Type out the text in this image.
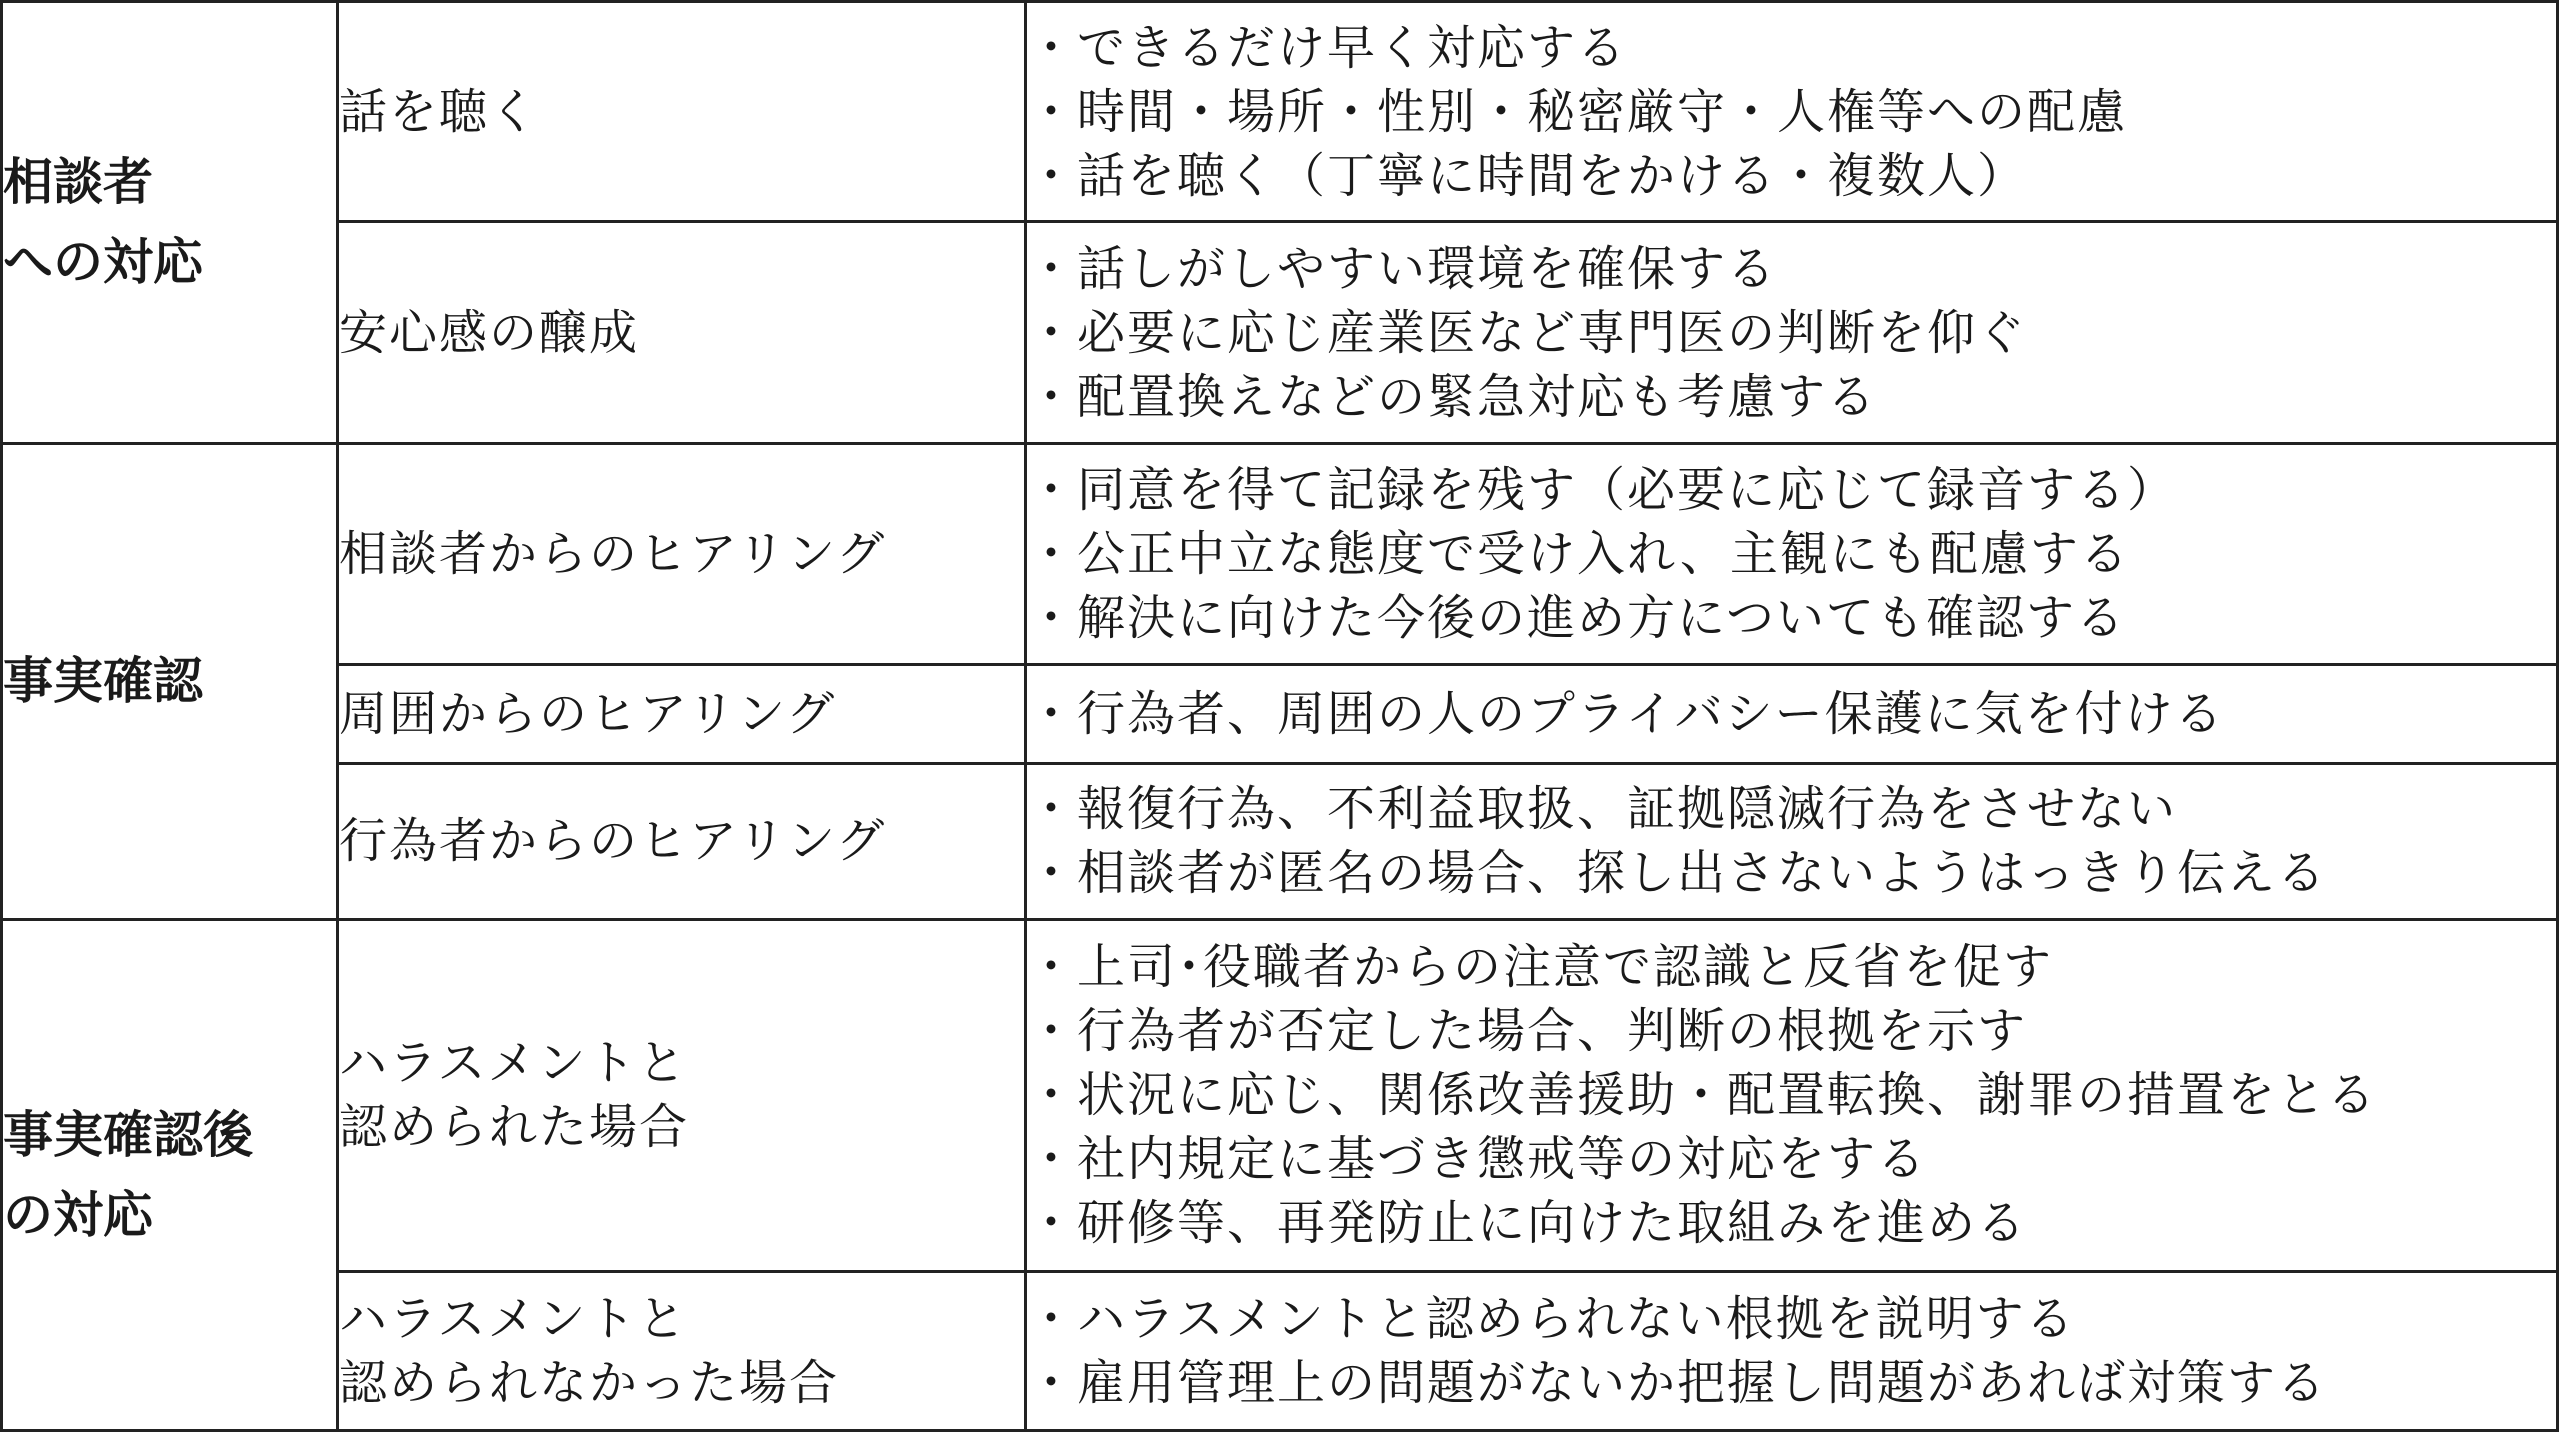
相談者
への対応	話を聴く	・ できるだけ早く対応する
・ 時間・場所・性別・秘密厳守・人権等への配慮
・ 話を聴く（丁寧に時間をかける・複数人）

	安心感の醸成	・ 話しがしやすい環境を確保する
・ 必要に応じ産業医など専門医の判断を仰ぐ
・ 配置換えなどの緊急対応も考慮する

事実確認	相談者からのヒアリング	・ 同意を得て記録を残す（必要に応じて録音する）
・ 公正中立な態度で受け入れ、主観にも配慮する
・ 解決に向けた今後の進め方についても確認する

	周囲からのヒアリング	・ 行為者、周囲の人のプライバシー保護に気を付ける

	行為者からのヒアリング	・ 報復行為、不利益取扱、証拠隠滅行為をさせない
・ 相談者が匿名の場合、探し出さないようはっきり伝える

事実確認後
の対応	ハラスメントと
認められた場合	・ 上司･役職者からの注意で認識と反省を促す
・ 行為者が否定した場合、判断の根拠を示す
・ 状況に応じ、関係改善援助・配置転換、謝罪の措置をとる
・ 社内規定に基づき懲戒等の対応をする
・ 研修等、再発防止に向けた取組みを進める

	ハラスメントと
認められなかった場合	・ ハラスメントと認められない根拠を説明する
・ 雇用管理上の問題がないか把握し問題があれば対策する
